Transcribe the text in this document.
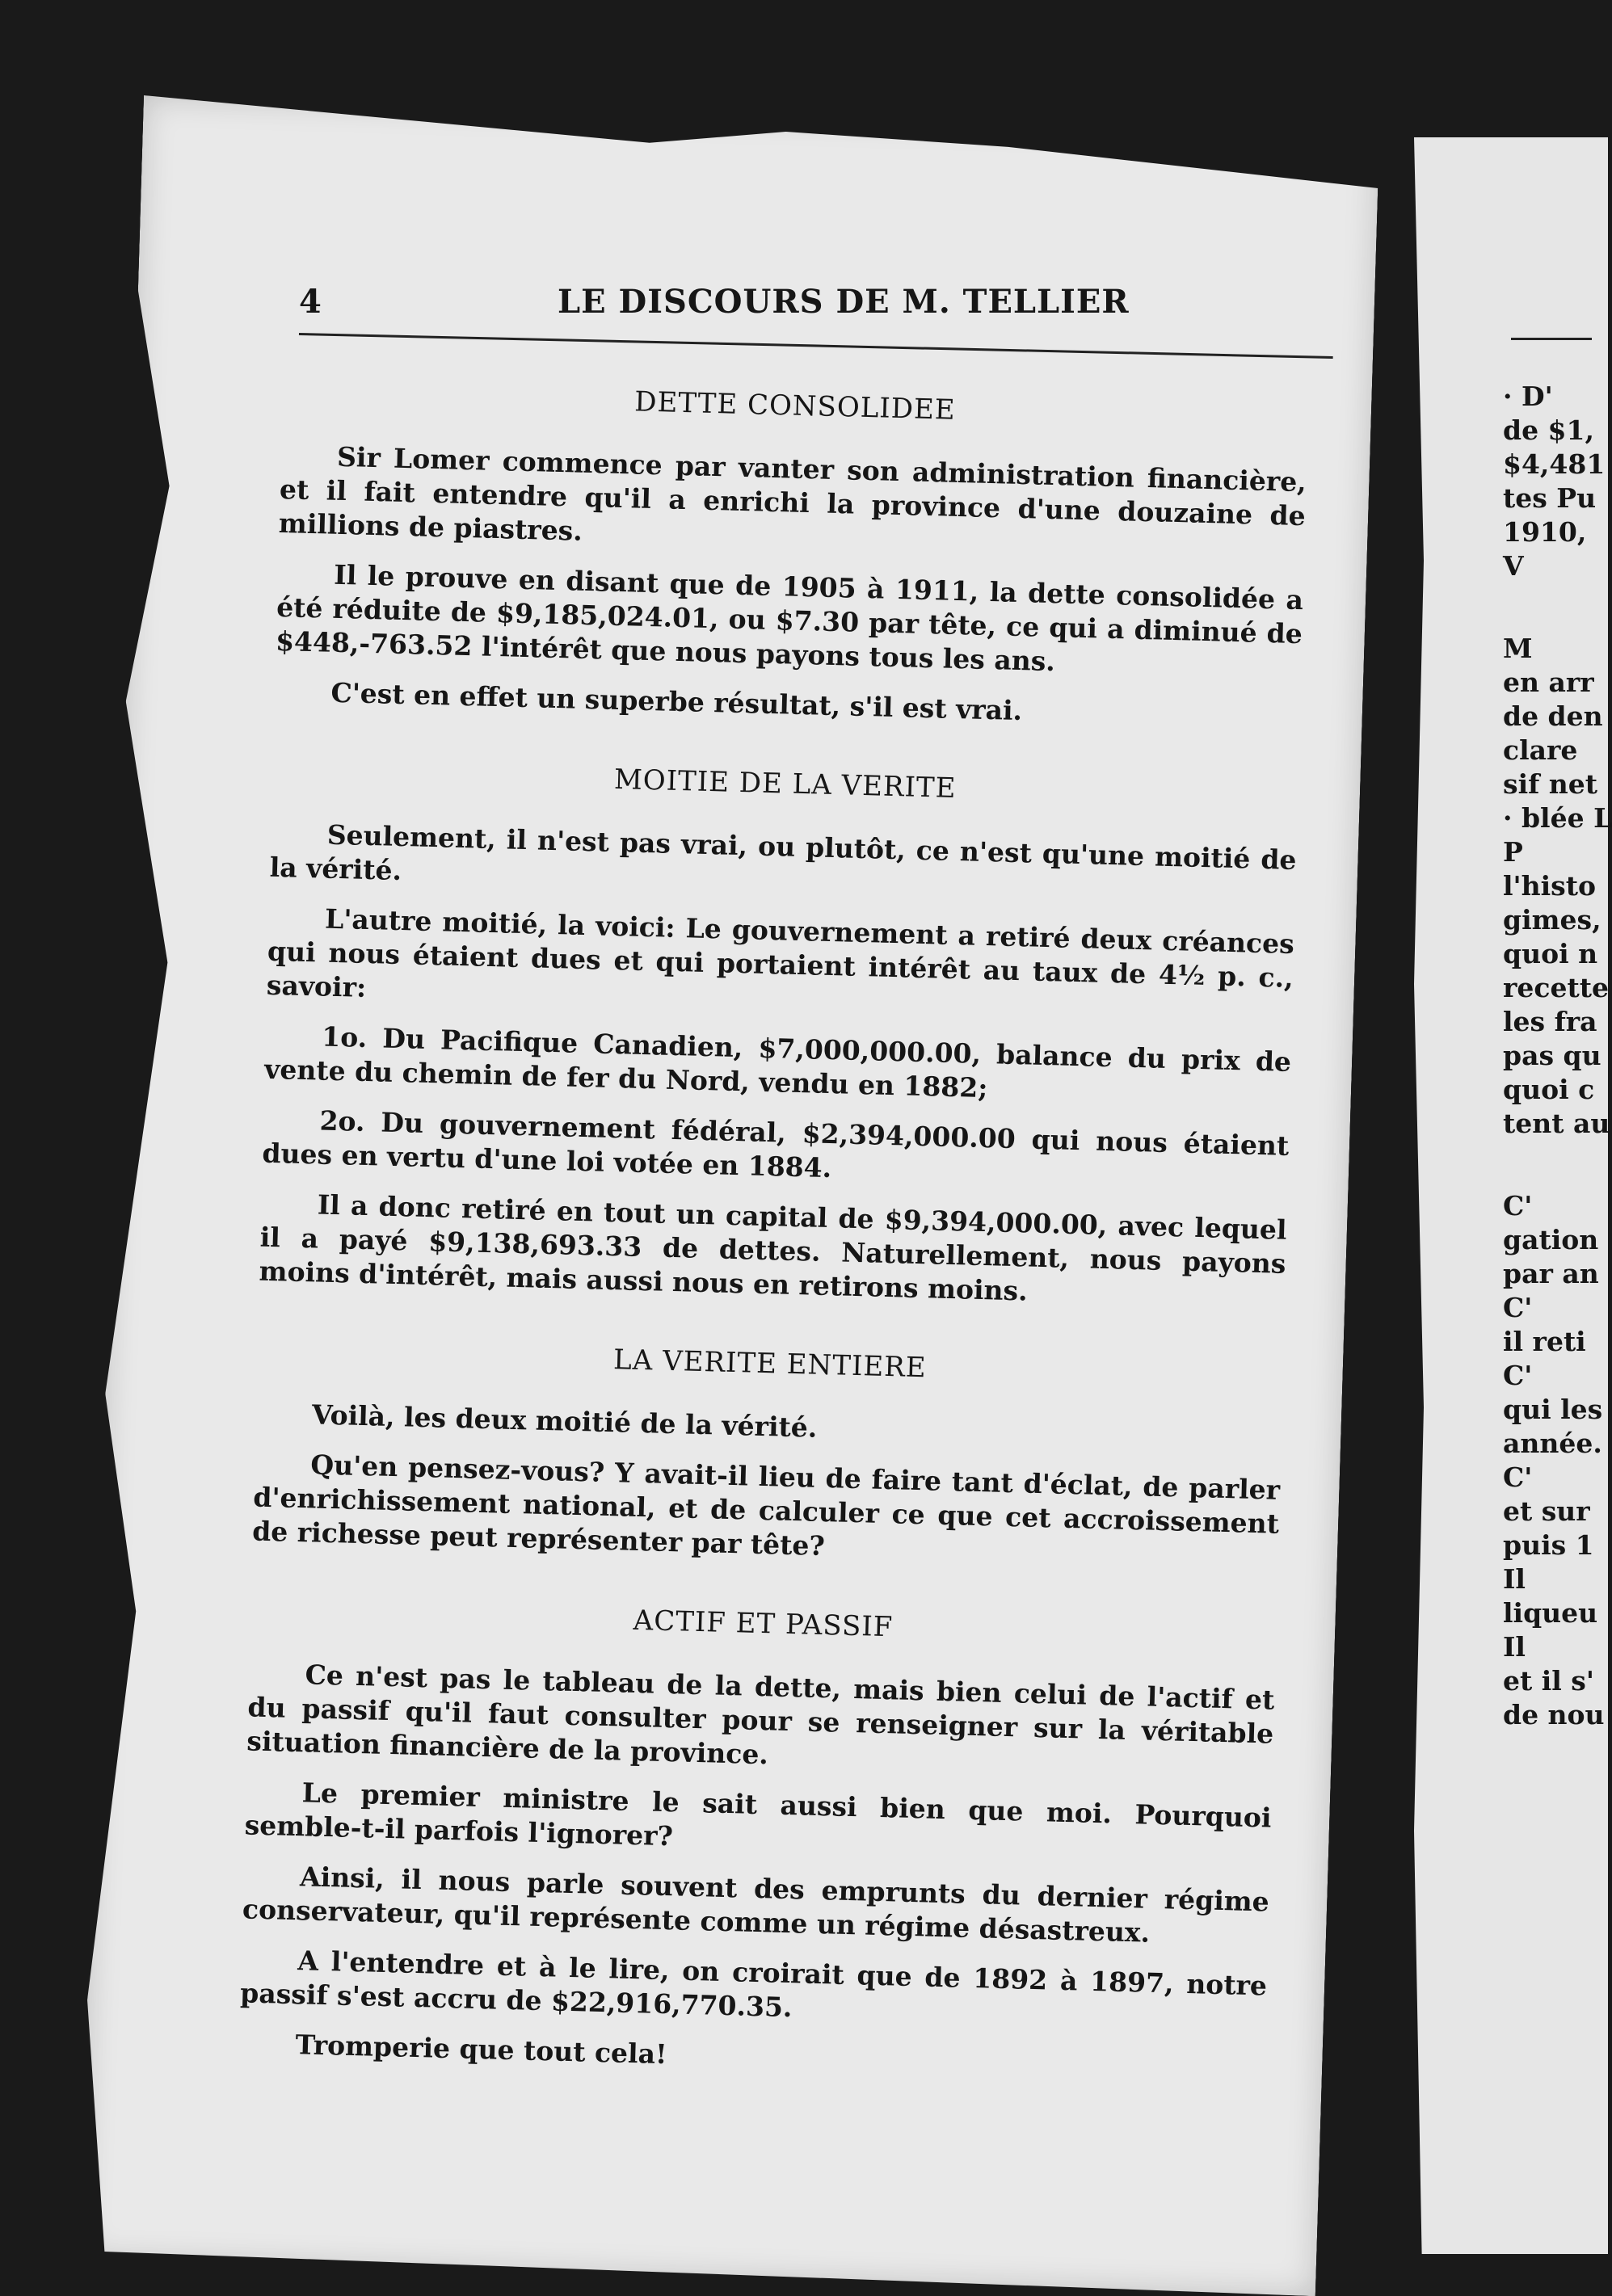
4	LE DISCOURS DE M. TELLIER
DETTE CONSOLIDEE

Sir Lomer commence par vanter son administration financière, et il fait entendre qu'il a enrichi la province d'une douzaine de millions de piastres.

Il le prouve en disant que de 1905 à 1911, la dette consolidée a été réduite de $9,185,024.01, ou $7.30 par tête, ce qui a diminué de $448,-763.52 l'intérêt que nous payons tous les ans.

C'est en effet un superbe résultat, s'il est vrai.

MOITIE DE LA VERITE

Seulement, il n'est pas vrai, ou plutôt, ce n'est qu'une moitié de la vérité.

L'autre moitié, la voici: Le gouvernement a retiré deux créances qui nous étaient dues et qui portaient intérêt au taux de 4½ p. c., savoir:

1o. Du Pacifique Canadien, $7,000,000.00, balance du prix de vente du chemin de fer du Nord, vendu en 1882;

2o. Du gouvernement fédéral, $2,394,000.00 qui nous étaient dues en vertu d'une loi votée en 1884.

Il a donc retiré en tout un capital de $9,394,000.00, avec lequel il a payé $9,138,693.33 de dettes. Naturellement, nous payons moins d'intérêt, mais aussi nous en retirons moins.

LA VERITE ENTIERE

Voilà, les deux moitié de la vérité.

Qu'en pensez-vous? Y avait-il lieu de faire tant d'éclat, de parler d'enrichissement national, et de calculer ce que cet accroissement de richesse peut représenter par tête?

ACTIF ET PASSIF

Ce n'est pas le tableau de la dette, mais bien celui de l'actif et du passif qu'il faut consulter pour se renseigner sur la véritable situation financière de la province.

Le premier ministre le sait aussi bien que moi. Pourquoi semble-t-il parfois l'ignorer?

Ainsi, il nous parle souvent des emprunts du dernier régime conservateur, qu'il représente comme un régime désastreux.

A l'entendre et à le lire, on croirait que de 1892 à 1897, notre passif s'est accru de $22,916,770.35.

Tromperie que tout cela!

· D'
de $1,
$4,481
tes Pu
1910,
V
M
en arr
de den
clare
sif net
· blée L
P
l'histo
gimes,
quoi n
recette
les fra
pas qu
quoi c
tent au
C'
gation
par an
C'
il reti
C'
qui les
année.
C'
et sur
puis 1
Il
liqueu
Il
et il s'
de nou
